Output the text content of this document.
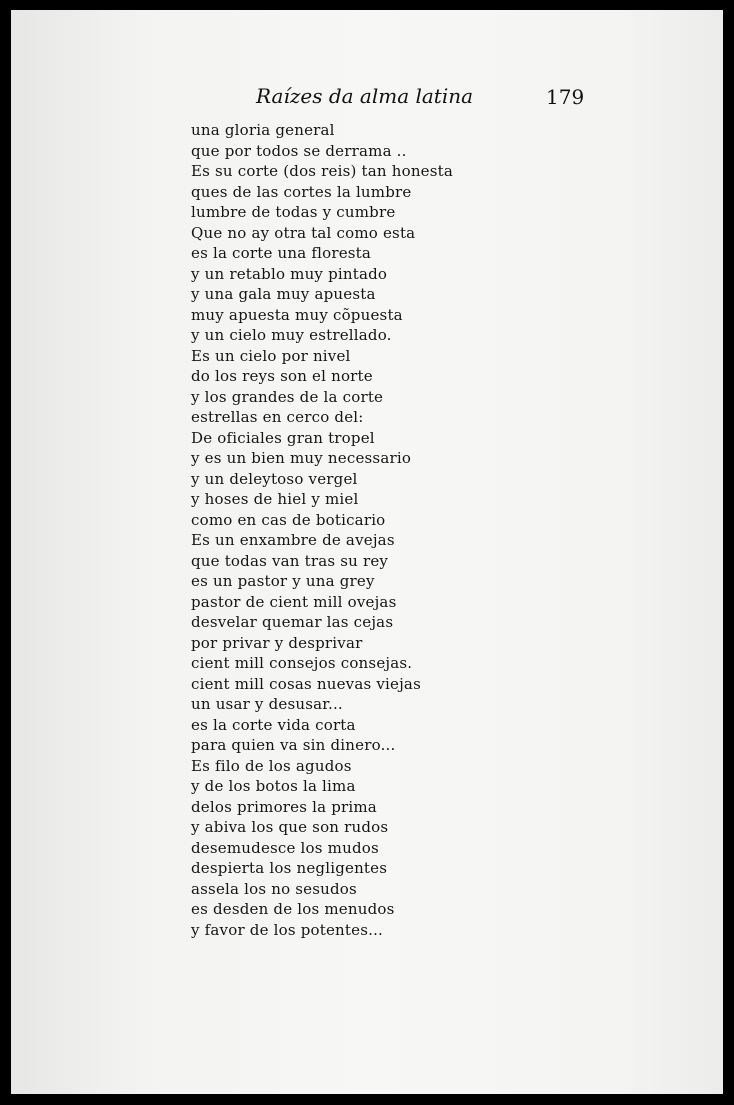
Raízes da alma latina	179
una gloria general
que por todos se derrama ..
Es su corte (dos reis) tan honesta
ques de las cortes la lumbre
lumbre de todas y cumbre
Que no ay otra tal como esta
es la corte una floresta
y un retablo muy pintado
y una gala muy apuesta
muy apuesta muy cõpuesta
y un cielo muy estrellado.
Es un cielo por nivel
do los reys son el norte
y los grandes de la corte
estrellas en cerco del:
De oficiales gran tropel
y es un bien muy necessario
y un deleytoso vergel
y hoses de hiel y miel
como en cas de boticario
Es un enxambre de avejas
que todas van tras su rey
es un pastor y una grey
pastor de cient mill ovejas
desvelar quemar las cejas
por privar y desprivar
cient mill consejos consejas.
cient mill cosas nuevas viejas
un usar y desusar...
es la corte vida corta
para quien va sin dinero...
Es filo de los agudos
y de los botos la lima
delos primores la prima
y abiva los que son rudos
desemudesce los mudos
despierta los negligentes
assela los no sesudos
es desden de los menudos
y favor de los potentes...
